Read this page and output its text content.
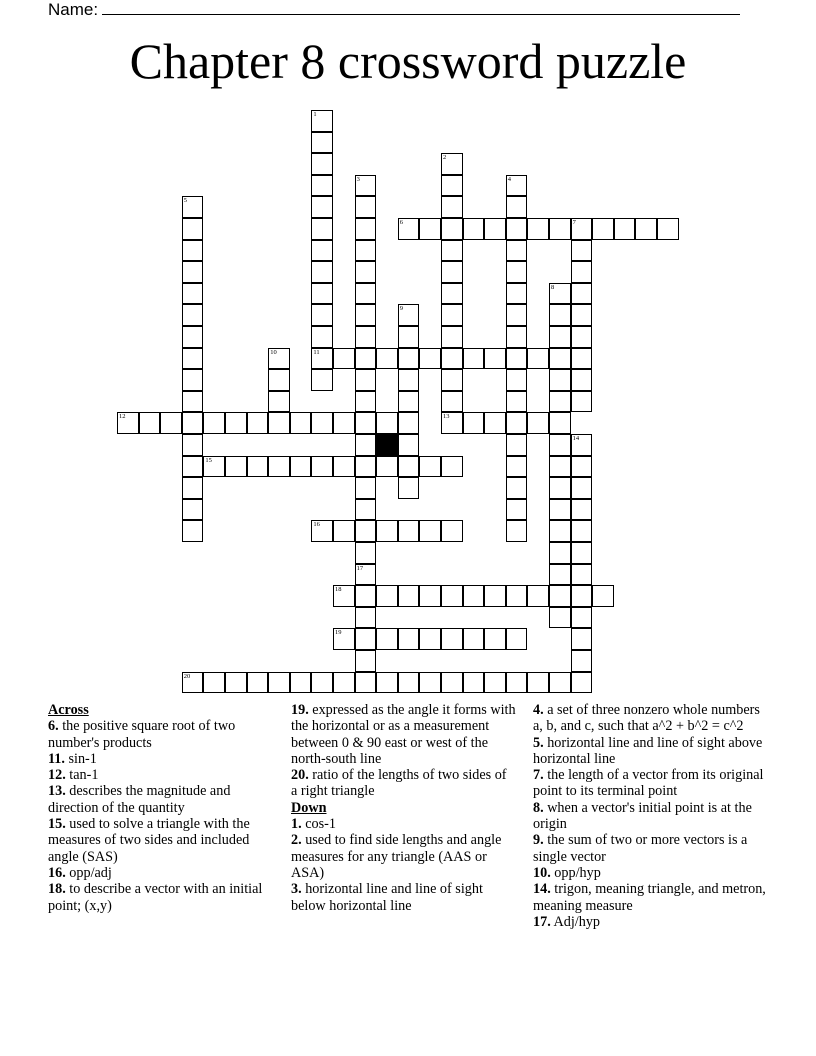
Name:
Chapter 8 crossword puzzle
1
11
2
3
17
4
5
6	7
8
9
10
12	13
14
15
16
18
19
20
Across
6. the positive square root of two number's products
11. sin-1
12. tan-1
13. describes the magnitude and direction of the quantity
15. used to solve a triangle with the measures of two sides and included angle (SAS)
16. opp/adj
18. to describe a vector with an initial point; (x,y)
19. expressed as the angle it forms with the horizontal or as a measurement between 0 & 90 east or west of the north-south line
20. ratio of the lengths of two sides of a right triangle
Down
1. cos-1
2. used to find side lengths and angle measures for any triangle (AAS or ASA)
3. horizontal line and line of sight below horizontal line
4. a set of three nonzero whole numbers a, b, and c, such that a^2 + b^2 = c^2
5. horizontal line and line of sight above horizontal line
7. the length of a vector from its original point to its terminal point
8. when a vector's initial point is at the origin
9. the sum of two or more vectors is a single vector
10. opp/hyp
14. trigon, meaning triangle, and metron, meaning measure
17. Adj/hyp
